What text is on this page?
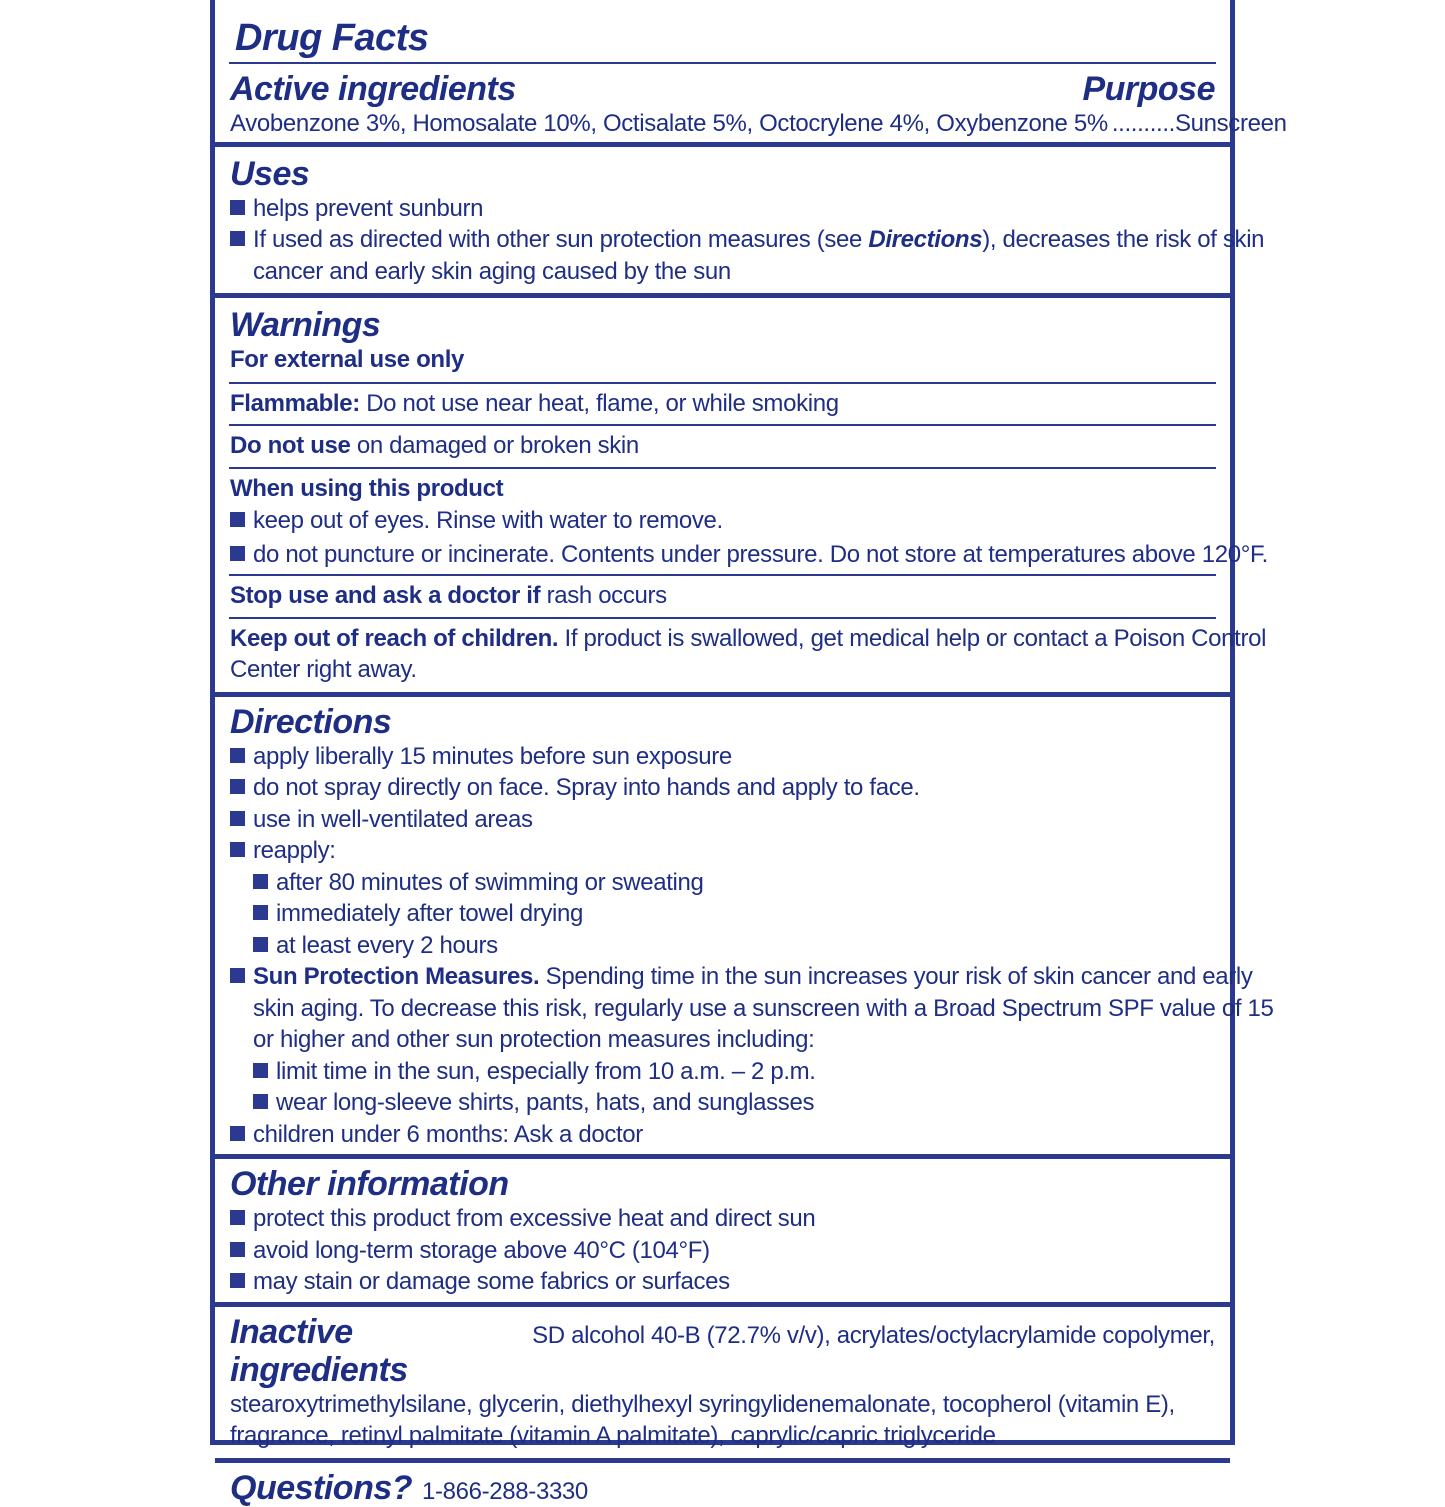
Drug Facts
Active ingredients	Purpose
Avobenzone 3%, Homosalate 10%, Octisalate 5%, Octocrylene 4%, Oxybenzone 5% .......... Sunscreen
Uses
helps prevent sunburn
If used as directed with other sun protection measures (see Directions), decreases the risk of skin
cancer and early skin aging caused by the sun
Warnings
For external use only
Flammable: Do not use near heat, flame, or while smoking
Do not use on damaged or broken skin
When using this product
keep out of eyes. Rinse with water to remove.
do not puncture or incinerate. Contents under pressure. Do not store at temperatures above 120°F.
Stop use and ask a doctor if rash occurs
Keep out of reach of children. If product is swallowed, get medical help or contact a Poison Control
Center right away.
Directions
apply liberally 15 minutes before sun exposure
do not spray directly on face. Spray into hands and apply to face.
use in well-ventilated areas
reapply:
after 80 minutes of swimming or sweating
immediately after towel drying
at least every 2 hours
Sun Protection Measures. Spending time in the sun increases your risk of skin cancer and early
skin aging. To decrease this risk, regularly use a sunscreen with a Broad Spectrum SPF value of 15
or higher and other sun protection measures including:
limit time in the sun, especially from 10 a.m. – 2 p.m.
wear long-sleeve shirts, pants, hats, and sunglasses
children under 6 months: Ask a doctor
Other information
protect this product from excessive heat and direct sun
avoid long-term storage above 40°C (104°F)
may stain or damage some fabrics or surfaces
Inactive ingredients
SD alcohol 40-B (72.7% v/v), acrylates/octylacrylamide copolymer,
stearoxytrimethylsilane, glycerin, diethylhexyl syringylidenemalonate, tocopherol (vitamin E),
fragrance, retinyl palmitate (vitamin A palmitate), caprylic/capric triglyceride
Questions? 1-866-288-3330
